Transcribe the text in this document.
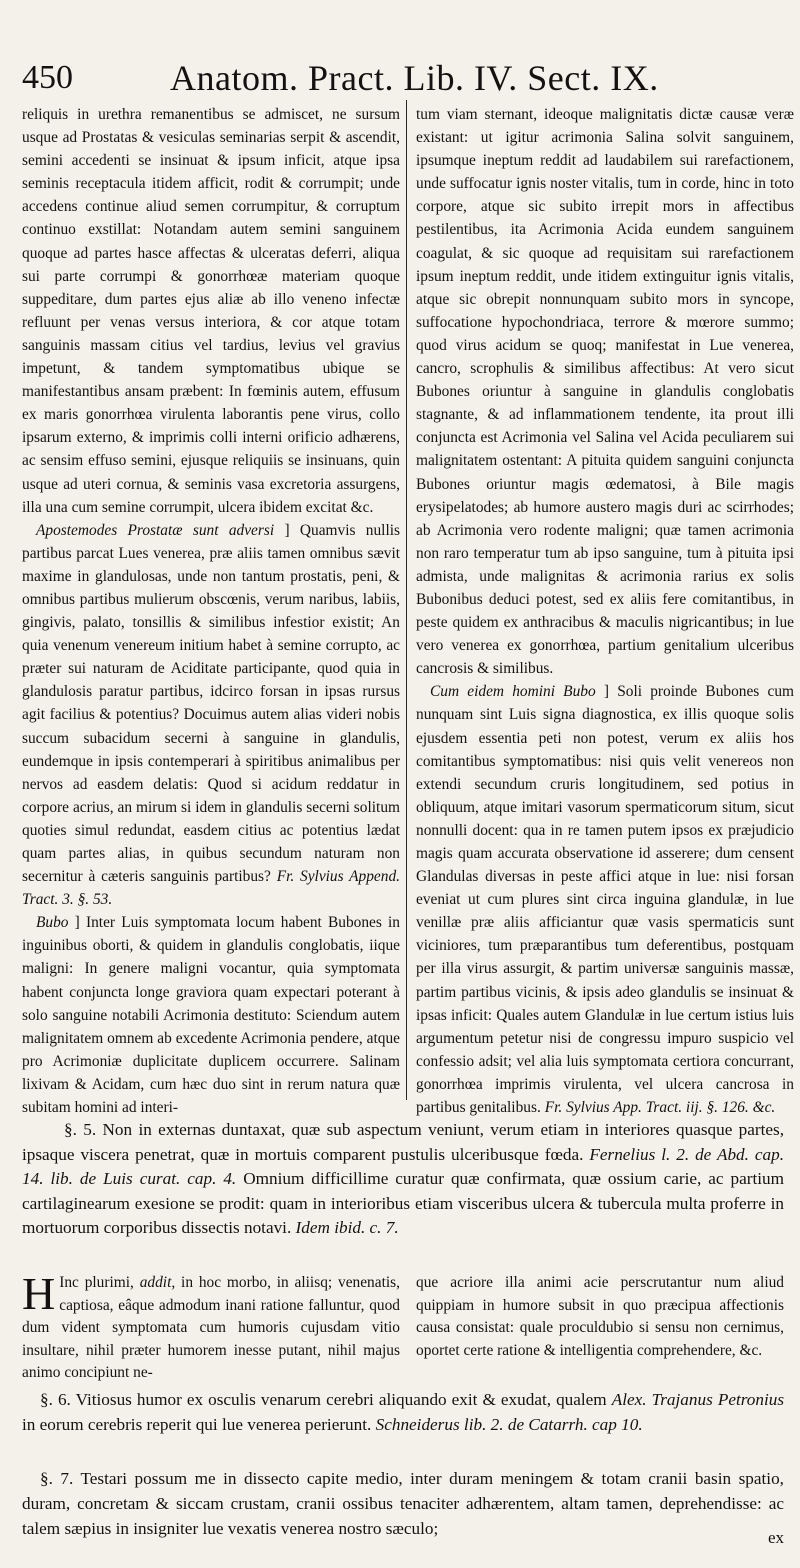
450	Anatom. Pract. Lib. IV. Sect. IX.

reliquis in urethra remanentibus se admiscet, ne sursum usque ad Prostatas & vesiculas seminarias serpit & ascendit, semini accedenti se insinuat & ipsum inficit, atque ipsa seminis receptacula itidem afficit, rodit & corrumpit; unde accedens continue aliud semen corrumpitur, & corruptum continuo exstillat: Notandam autem semini sanguinem quoque ad partes hasce affectas & ulceratas deferri, aliqua sui parte corrumpi & gonorrhœæ materiam quoque suppeditare, dum partes ejus aliæ ab illo veneno infectæ refluunt per venas versus interiora, & cor atque totam sanguinis massam citius vel tardius, levius vel gravius impetunt, & tandem symptomatibus ubique se manifestantibus ansam præbent: In fœminis autem, effusum ex maris gonorrhœa virulenta laborantis pene virus, collo ipsarum externo, & imprimis colli interni orificio adhærens, ac sensim effuso semini, ejusque reliquiis se insinuans, quin usque ad uteri cornua, & seminis vasa excretoria assurgens, illa una cum semine corrumpit, ulcera ibidem excitat &c.

Apostemodes Prostatæ sunt adversi ] Quamvis nullis partibus parcat Lues venerea, præ aliis tamen omnibus sævit maxime in glandulosas, unde non tantum prostatis, peni, & omnibus partibus mulierum obscœnis, verum naribus, labiis, gingivis, palato, tonsillis & similibus infestior existit; An quia venenum venereum initium habet à semine corrupto, ac præter sui naturam de Aciditate participante, quod quia in glandulosis paratur partibus, idcirco forsan in ipsas rursus agit facilius & potentius? Docuimus autem alias videri nobis succum subacidum secerni à sanguine in glandulis, eundemque in ipsis contemperari à spiritibus animalibus per nervos ad easdem delatis: Quod si acidum reddatur in corpore acrius, an mirum si idem in glandulis secerni solitum quoties simul redundat, easdem citius ac potentius lædat quam partes alias, in quibus secundum naturam non secernitur à cæteris sanguinis partibus? Fr. Sylvius Append. Tract. 3. §. 53.

Bubo ] Inter Luis symptomata locum habent Bubones in inguinibus oborti, & quidem in glandulis conglobatis, iique maligni: In genere maligni vocantur, quia symptomata habent conjuncta longe graviora quam expectari poterant à solo sanguine notabili Acrimonia destituto: Sciendum autem malignitatem omnem ab excedente Acrimonia pendere, atque pro Acrimoniæ duplicitate duplicem occurrere. Salinam lixivam & Acidam, cum hæc duo sint in rerum natura quæ subitam homini ad interi-

tum viam sternant, ideoque malignitatis dictæ causæ veræ existant: ut igitur acrimonia Salina solvit sanguinem, ipsumque ineptum reddit ad laudabilem sui rarefactionem, unde suffocatur ignis noster vitalis, tum in corde, hinc in toto corpore, atque sic subito irrepit mors in affectibus pestilentibus, ita Acrimonia Acida eundem sanguinem coagulat, & sic quoque ad requisitam sui rarefactionem ipsum ineptum reddit, unde itidem extinguitur ignis vitalis, atque sic obrepit nonnunquam subito mors in syncope, suffocatione hypochondriaca, terrore & mœrore summo; quod virus acidum se quoq; manifestat in Lue venerea, cancro, scrophulis & similibus affectibus: At vero sicut Bubones oriuntur à sanguine in glandulis conglobatis stagnante, & ad inflammationem tendente, ita prout illi conjuncta est Acrimonia vel Salina vel Acida peculiarem sui malignitatem ostentant: A pituita quidem sanguini conjuncta Bubones oriuntur magis œdematosi, à Bile magis erysipelatodes; ab humore austero magis duri ac scirrhodes; ab Acrimonia vero rodente maligni; quæ tamen acrimonia non raro temperatur tum ab ipso sanguine, tum à pituita ipsi admista, unde malignitas & acrimonia rarius ex solis Bubonibus deduci potest, sed ex aliis fere comitantibus, in peste quidem ex anthracibus & maculis nigricantibus; in lue vero venerea ex gonorrhœa, partium genitalium ulceribus cancrosis & similibus.

Cum eidem homini Bubo ] Soli proinde Bubones cum nunquam sint Luis signa diagnostica, ex illis quoque solis ejusdem essentia peti non potest, verum ex aliis hos comitantibus symptomatibus: nisi quis velit venereos non extendi secundum cruris longitudinem, sed potius in obliquum, atque imitari vasorum spermaticorum situm, sicut nonnulli docent: qua in re tamen putem ipsos ex præjudicio magis quam accurata observatione id asserere; dum censent Glandulas diversas in peste affici atque in lue: nisi forsan eveniat ut cum plures sint circa inguina glandulæ, in lue venillæ præ aliis afficiantur quæ vasis spermaticis sunt viciniores, tum præparantibus tum deferentibus, postquam per illa virus assurgit, & partim universæ sanguinis massæ, partim partibus vicinis, & ipsis adeo glandulis se insinuat & ipsas inficit: Quales autem Glandulæ in lue certum istius luis argumentum petetur nisi de congressu impuro suspicio vel confessio adsit; vel alia luis symptomata certiora concurrant, gonorrhœa imprimis virulenta, vel ulcera cancrosa in partibus genitalibus. Fr. Sylvius App. Tract. iij. §. 126. &c.

§. 5. Non in externas duntaxat, quæ sub aspectum veniunt, verum etiam in interiores quasque partes, ipsaque viscera penetrat, quæ in mortuis comparent pustulis ulceribusque fœda. Fernelius l. 2. de Abd. cap. 14. lib. de Luis curat. cap. 4. Omnium difficillime curatur quæ confirmata, quæ ossium carie, ac partium cartilaginearum exesione se prodit: quam in interioribus etiam visceribus ulcera & tubercula multa proferre in mortuorum corporibus dissectis notavi. Idem ibid. c. 7.
H Inc plurimi, addit, in hoc morbo, in aliisq; venenatis, captiosa, eâque admodum inani ratione falluntur, quod dum vident symptomata cum humoris cujusdam vitio insultare, nihil præter humorem inesse putant, nihil majus animo concipiunt ne-
que acriore illa animi acie perscrutantur num aliud quippiam in humore subsit in quo præcipua affectionis causa consistat: quale proculdubio si sensu non cernimus, oportet certe ratione & intelligentia comprehendere, &c.
§. 6. Vitiosus humor ex osculis venarum cerebri aliquando exit & exudat, qualem Alex. Trajanus Petronius in eorum cerebris reperit qui lue venerea perierunt. Schneiderus lib. 2. de Catarrh. cap 10.
§. 7. Testari possum me in dissecto capite medio, inter duram meningem & totam cranii basin spatio, duram, concretam & siccam crustam, cranii ossibus tenaciter adhærentem, altam tamen, deprehendisse: ac talem sæpius in insigniter lue vexatis venerea nostro sæculo;	ex
